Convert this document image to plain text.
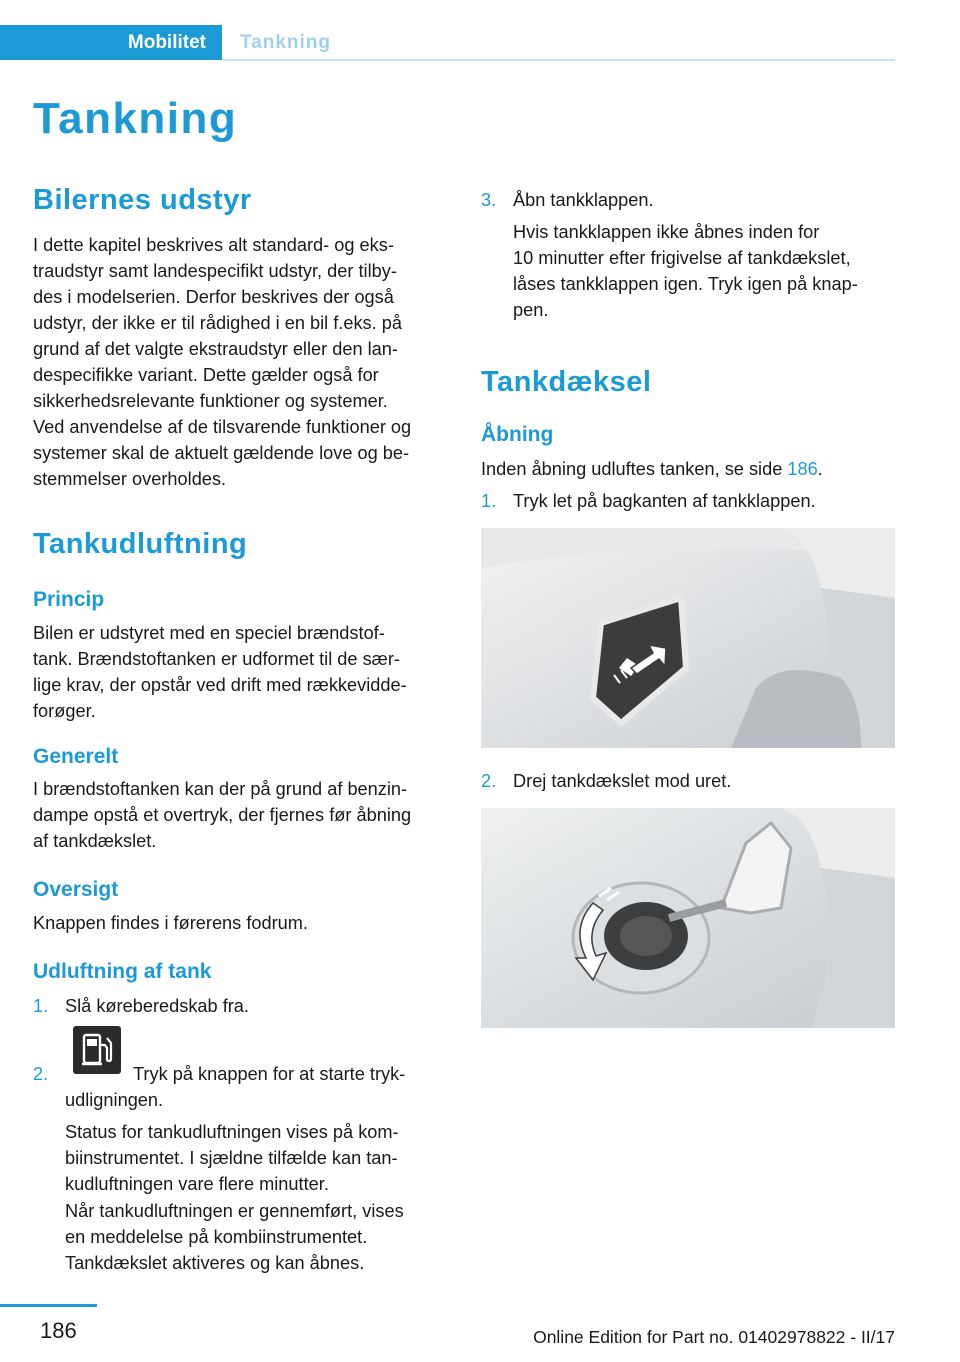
Mobilitet	Tankning
Tankning
Bilernes udstyr
I dette kapitel beskrives alt standard- og eks-
traudstyr samt landespecifikt udstyr, der tilby-
des i modelserien. Derfor beskrives der også
udstyr, der ikke er til rådighed i en bil f.eks. på
grund af det valgte ekstraudstyr eller den lan-
despecifikke variant. Dette gælder også for
sikkerhedsrelevante funktioner og systemer.
Ved anvendelse af de tilsvarende funktioner og
systemer skal de aktuelt gældende love og be-
stemmelser overholdes.
Tankudluftning
Princip
Bilen er udstyret med en speciel brændstof-
tank. Brændstoftanken er udformet til de sær-
lige krav, der opstår ved drift med rækkevidde-
forøger.
Generelt
I brændstoftanken kan der på grund af benzin-
dampe opstå et overtryk, der fjernes før åbning
af tankdækslet.
Oversigt
Knappen findes i førerens fodrum.
Udluftning af tank
1. Slå køreberedskab fra.
2.	Tryk på knappen for at starte tryk-
udligningen.
Status for tankudluftningen vises på kom-
biinstrumentet. I sjældne tilfælde kan tan-
kudluftningen vare flere minutter.
Når tankudluftningen er gennemført, vises
en meddelelse på kombiinstrumentet.
Tankdækslet aktiveres og kan åbnes.
3. Åbn tankklappen.
Hvis tankklappen ikke åbnes inden for
10 minutter efter frigivelse af tankdækslet,
låses tankklappen igen. Tryk igen på knap-
pen.
Tankdæksel
Åbning
Inden åbning udluftes tanken, se side 186.
1. Tryk let på bagkanten af tankklappen.
2. Drej tankdækslet mod uret.
186	Online Edition for Part no. 01402978822 - II/17
